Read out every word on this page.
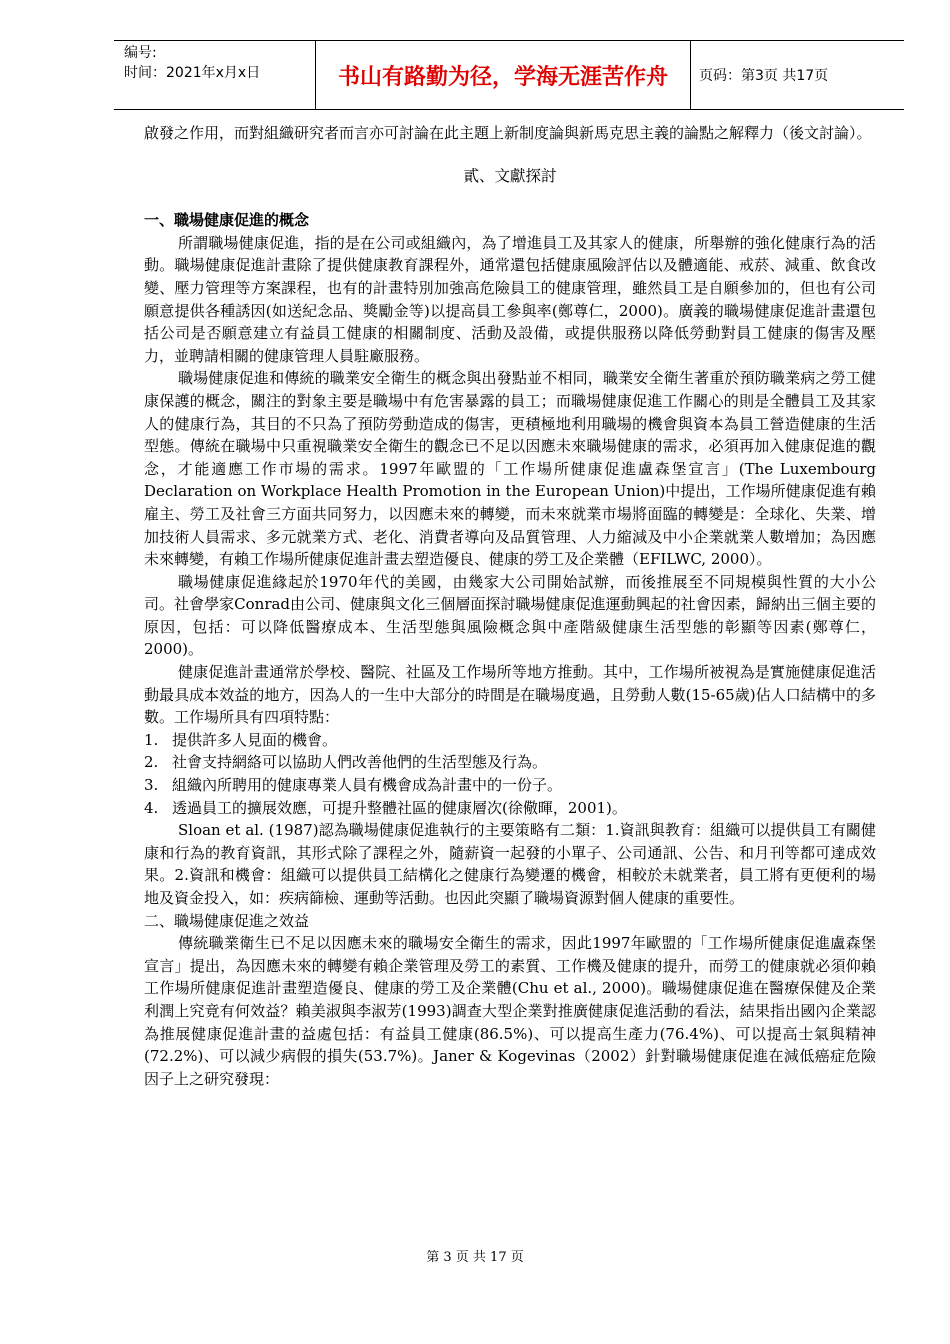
编号:
时间：2021年x月x日	书山有路勤为径，学海无涯苦作舟	页码：第3页 共17页

啟發之作用，而對組織研究者而言亦可討論在此主題上新制度論與新馬克思主義的論點之解釋力（後文討論）。

貳、文獻探討

一、職場健康促進的概念

所謂職場健康促進，指的是在公司或組織內，為了增進員工及其家人的健康，所舉辦的強化健康行為的活動。職場健康促進計畫除了提供健康教育課程外，通常還包括健康風險評估以及體適能、戒菸、減重、飲食改變、壓力管理等方案課程，也有的計畫特別加強高危險員工的健康管理，雖然員工是自願參加的，但也有公司願意提供各種誘因(如送紀念品、獎勵金等)以提高員工參與率(鄭尊仁，2000)。廣義的職場健康促進計畫還包括公司是否願意建立有益員工健康的相關制度、活動及設備，或提供服務以降低勞動對員工健康的傷害及壓力，並聘請相關的健康管理人員駐廠服務。

職場健康促進和傳統的職業安全衛生的概念與出發點並不相同，職業安全衛生著重於預防職業病之勞工健康保護的概念，關注的對象主要是職場中有危害暴露的員工；而職場健康促進工作關心的則是全體員工及其家人的健康行為，其目的不只為了預防勞動造成的傷害，更積極地利用職場的機會與資本為員工營造健康的生活型態。傳統在職場中只重視職業安全衛生的觀念已不足以因應未來職場健康的需求，必須再加入健康促進的觀念，才能適應工作市場的需求。1997年歐盟的「工作場所健康促進盧森堡宣言」(The Luxembourg Declaration on Workplace Health Promotion in the European Union)中提出，工作場所健康促進有賴雇主、勞工及社會三方面共同努力，以因應未來的轉變，而未來就業市場將面臨的轉變是：全球化、失業、增加技術人員需求、多元就業方式、老化、消費者導向及品質管理、人力縮減及中小企業就業人數增加；為因應未來轉變，有賴工作場所健康促進計畫去塑造優良、健康的勞工及企業體（EFILWC, 2000）。

職場健康促進緣起於1970年代的美國，由幾家大公司開始試辦，而後推展至不同規模與性質的大小公司。社會學家Conrad由公司、健康與文化三個層面探討職場健康促進運動興起的社會因素，歸納出三個主要的原因，包括：可以降低醫療成本、生活型態與風險概念與中產階級健康生活型態的彰顯等因素(鄭尊仁，2000)。

健康促進計畫通常於學校、醫院、社區及工作場所等地方推動。其中，工作場所被視為是實施健康促進活動最具成本效益的地方，因為人的一生中大部分的時間是在職場度過，且勞動人數(15-65歲)佔人口結構中的多數。工作場所具有四項特點：

1. 提供許多人見面的機會。
2. 社會支持網絡可以協助人們改善他們的生活型態及行為。
3. 組織內所聘用的健康專業人員有機會成為計畫中的一份子。
4. 透過員工的擴展效應，可提升整體社區的健康層次(徐儆暉，2001)。

Sloan et al. (1987)認為職場健康促進執行的主要策略有二類：1.資訊與教育：組織可以提供員工有關健康和行為的教育資訊，其形式除了課程之外，隨薪資一起發的小單子、公司通訊、公告、和月刊等都可達成效果。2.資訊和機會：組織可以提供員工結構化之健康行為變遷的機會，相較於未就業者，員工將有更便利的場地及資金投入，如：疾病篩檢、運動等活動。也因此突顯了職場資源對個人健康的重要性。

二、職場健康促進之效益

傳統職業衛生已不足以因應未來的職場安全衛生的需求，因此1997年歐盟的「工作場所健康促進盧森堡宣言」提出，為因應未來的轉變有賴企業管理及勞工的素質、工作機及健康的提升，而勞工的健康就必須仰賴工作場所健康促進計畫塑造優良、健康的勞工及企業體(Chu et al., 2000)。職場健康促進在醫療保健及企業利潤上究竟有何效益？賴美淑與李淑芳(1993)調查大型企業對推廣健康促進活動的看法，結果指出國內企業認為推展健康促進計畫的益處包括：有益員工健康(86.5%)、可以提高生產力(76.4%)、可以提高士氣與精神(72.2%)、可以減少病假的損失(53.7%)。Janer & Kogevinas（2002）針對職場健康促進在減低癌症危險因子上之研究發現：

第 3 页 共 17 页
